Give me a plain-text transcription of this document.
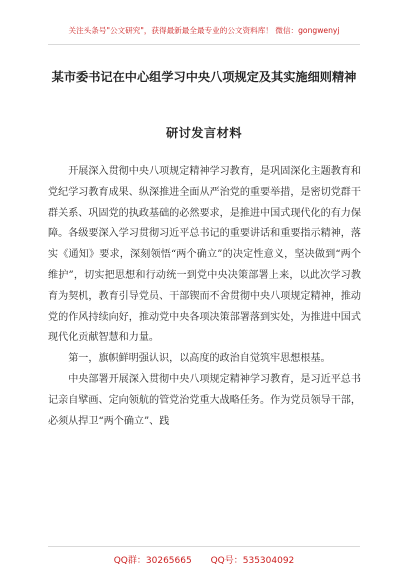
关注头条号"公文研究"，获得最新最全最专业的公文资料库！ 微信：gongwenyj
某市委书记在中心组学习中央八项规定及其实施细则精神
研讨发言材料

开展深入贯彻中央八项规定精神学习教育，是巩固深化主题教育和党纪学习教育成果、纵深推进全面从严治党的重要举措，是密切党群干群关系、巩固党的执政基础的必然要求，是推进中国式现代化的有力保障。各级要深入学习贯彻习近平总书记的重要讲话和重要指示精神，落实《通知》要求，深刻领悟“两个确立”的决定性意义，坚决做到“两个维护”，切实把思想和行动统一到党中央决策部署上来，以此次学习教育为契机，教育引导党员、干部锲而不舍贯彻中央八项规定精神，推动党的作风持续向好，推动党中央各项决策部署落到实处，为推进中国式现代化贡献智慧和力量。

第一，旗帜鲜明强认识，以高度的政治自觉筑牢思想根基。

中央部署开展深入贯彻中央八项规定精神学习教育，是习近平总书记亲自擘画、定向领航的管党治党重大战略任务。作为党员领导干部，必须从捍卫“两个确立”、践

QQ群：30265665 QQ号：535304092
